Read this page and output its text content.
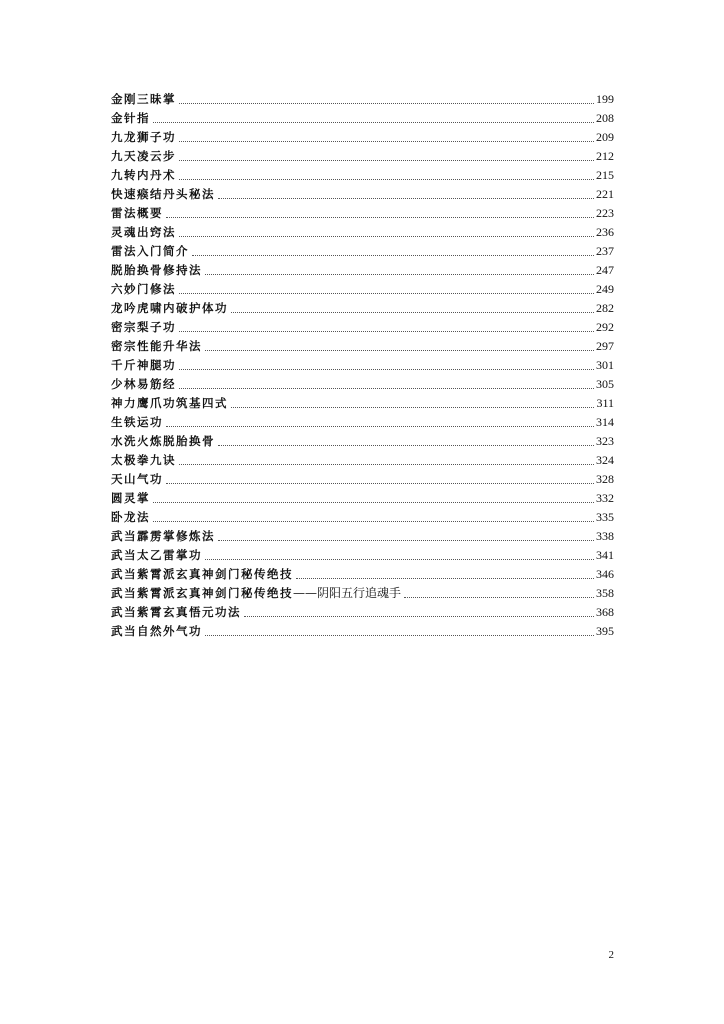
金刚三昧掌	199
金针指	208
九龙狮子功	209
九天凌云步	212
九转内丹术	215
快速瘊结丹头秘法	221
雷法概要	223
灵魂出窍法	236
雷法入门简介	237
脱胎换骨修持法	247
六妙门修法	249
龙吟虎啸内破护体功	282
密宗梨子功	292
密宗性能升华法	297
千斤神腿功	301
少林易筋经	305
神力鹰爪功筑基四式	311
生铁运功	314
水洗火炼脱胎换骨	323
太极拳九诀	324
天山气功	328
圆灵掌	332
卧龙法	335
武当霹雳掌修炼法	338
武当太乙雷掌功	341
武当紫霄派玄真神剑门秘传绝技	346
武当紫霄派玄真神剑门秘传绝技——阴阳五行追魂手	358
武当紫霄玄真悟元功法	368
武当自然外气功	395
2
